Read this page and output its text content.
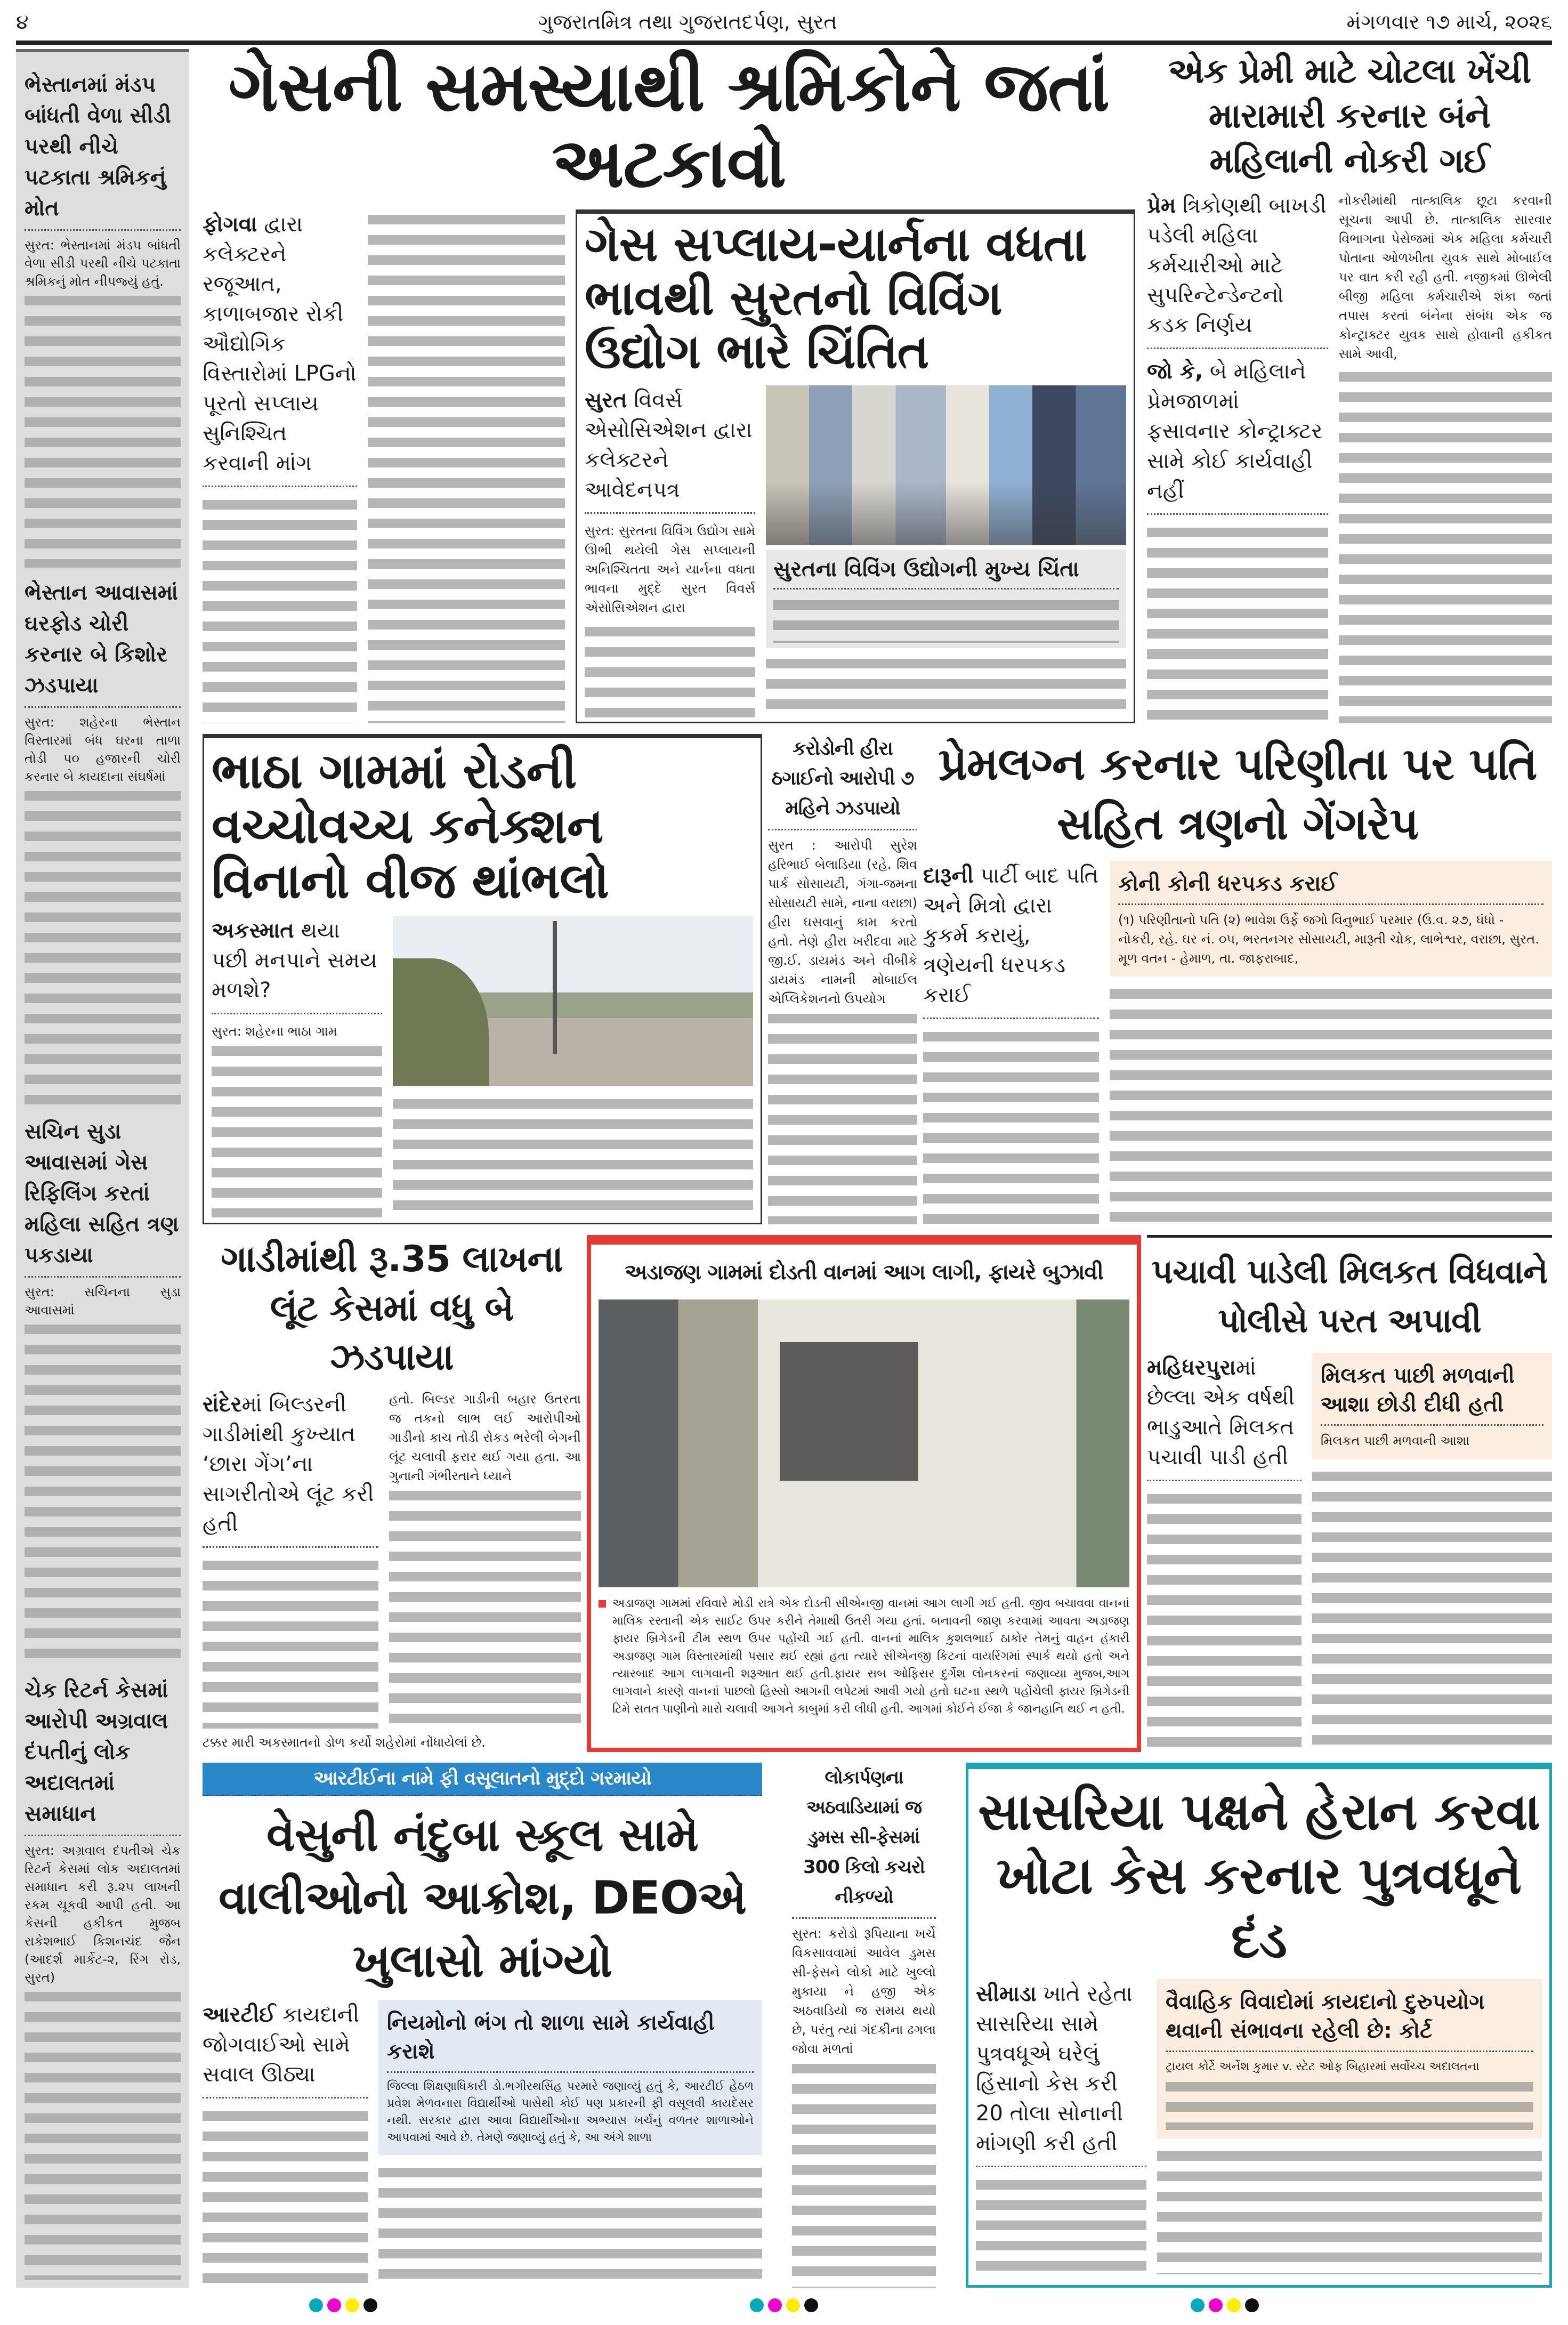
૪	ગુજરાતમિત્ર તથા ગુજરાતદર્પણ, સુરત	મંગળવાર ૧૭ માર્ચ, ૨૦૨૬
ભેસ્તાનમાં મંડપ બાંધતી વેળા સીડી પરથી નીચે પટકાતા શ્રમિકનું મોત
સુરત: ભેસ્તાનમાં મંડપ બાંધતી વેળા સીડી પરથી નીચે પટકાતા શ્રમિકનું મોત નીપજ્યું હતું.
ભેસ્તાન આવાસમાં ઘરફોડ ચોરી કરનાર બે કિશોર ઝડપાયા
સુરત: શહેરના ભેસ્તાન વિસ્તારમાં બંધ ઘરના તાળા તોડી ૫૦ હજારની ચોરી કરનાર બે કાયદાના સંઘર્ષમાં
સચિન સુડા આવાસમાં ગેસ રિફિલિંગ કરતાં મહિલા સહિત ત્રણ પકડાયા
સુરત: સચિનના સુડા આવાસમાં
ચેક રિટર્ન કેસમાં આરોપી અગ્રવાલ દંપતીનું લોક અદાલતમાં સમાધાન
સુરત: અગ્રવાલ દંપતીએ ચેક રિટર્ન કેસમાં લોક અદાલતમાં સમાધાન કરી રૂ.૨૫ લાખની રકમ ચૂકવી આપી હતી. આ કેસની હકીકત મુજબ રાકેશભાઈ કિશનચંદ જૈન (આદર્શ માર્કેટ-૨, રિંગ રોડ, સુરત)
ગેસની સમસ્યાથી શ્રમિકોને જતાં અટકાવો
ફોગવા દ્વારા કલેક્ટરને રજૂઆત, કાળાબજાર રોકી ઔદ્યોગિક વિસ્તારોમાં LPGનો પૂરતો સપ્લાય સુનિશ્ચિત કરવાની માંગ
ગેસ સપ્લાય-યાર્નના વધતા ભાવથી સુરતનો વિવિંગ ઉદ્યોગ ભારે ચિંતિત
સુરત વિવર્સ એસોસિએશન દ્વારા કલેક્ટરને આવેદનપત્ર
સુરત: સુરતના વિવિંગ ઉદ્યોગ સામે ઊભી થયેલી ગેસ સપ્લાયની અનિશ્ચિતતા અને યાર્નના વધતા ભાવના મુદ્દે સુરત વિવર્સ એસોસિએશન દ્વારા
સુરતના વિવિંગ ઉદ્યોગની મુખ્ય ચિંતા
એક પ્રેમી માટે ચોટલા ખેંચી મારામારી કરનાર બંને મહિલાની નોકરી ગઈ
પ્રેમ ત્રિકોણથી બાખડી પડેલી મહિલા કર્મચારીઓ માટે સુપરિન્ટેન્ડેન્ટનો કડક નિર્ણય
જો કે, બે મહિલાને પ્રેમજાળમાં ફસાવનાર કોન્ટ્રાક્ટર સામે કોઈ કાર્યવાહી નહીં
નોકરીમાંથી તાત્કાલિક છૂટા કરવાની સૂચના આપી છે. તાત્કાલિક સારવાર વિભાગના પેસેજમાં એક મહિલા કર્મચારી પોતાના ઓળખીતા યુવક સાથે મોબાઈલ પર વાત કરી રહી હતી. નજીકમાં ઊભેલી બીજી મહિલા કર્મચારીએ શંકા જતાં તપાસ કરતાં બંનેના સંબંધ એક જ કોન્ટ્રાક્ટર યુવક સાથે હોવાની હકીકત સામે આવી,
ભાઠા ગામમાં રોડની વચ્ચોવચ્ચ કનેક્શન વિનાનો વીજ થાંભલો
અકસ્માત થયા પછી મનપાને સમય મળશે?
સુરત: શહેરના ભાઠા ગામ
કરોડોની હીરા ઠગાઈનો આરોપી ૭ મહિને ઝડપાયો
સુરત : આરોપી સુરેશ હરિભાઈ બેલાડિયા (રહે. શિવ પાર્ક સોસાયટી, ગંગા-જમના સોસાયટી સામે, નાના વરાછા) હીરા ઘસવાનું કામ કરતો હતો. તેણે હીરા ખરીદવા માટે જી.ઈ. ડાયમંડ અને વીબીકે ડાયમંડ નામની મોબાઈલ એપ્લિકેશનનો ઉપયોગ
પ્રેમલગ્ન કરનાર પરિણીતા પર પતિ સહિત ત્રણનો ગેંગરેપ
દારૂની પાર્ટી બાદ પતિ અને મિત્રો દ્વારા કુકર્મ કરાયું, ત્રણેયની ધરપકડ કરાઈ
કોની કોની ધરપકડ કરાઈ
(૧) પરિણીતાનો પતિ (૨) ભાવેશ ઉર્ફે જગો વિનુભાઈ પરમાર (ઉ.વ. ૨૭, ધંધો - નોકરી, રહે. ઘર નં. ૦૫, ભરતનગર સોસાયટી, મારૂતી ચોક, લાભેશ્વર, વરાછા, સુરત. મૂળ વતન - હેમાળ, તા. જાફરાબાદ,
ગાડીમાંથી રૂ.35 લાખના લૂંટ કેસમાં વધુ બે ઝડપાયા
રાંદેરમાં બિલ્ડરની ગાડીમાંથી કુખ્યાત ‘છારા ગેંગ’ના સાગરીતોએ લૂંટ કરી હતી
હતો. બિલ્ડર ગાડીની બહાર ઉતરતા જ તકનો લાભ લઈ આરોપીઓ ગાડીનો કાચ તોડી રોકડ ભરેલી બેગની લૂંટ ચલાવી ફરાર થઈ ગયા હતા. આ ગુનાની ગંભીરતાને ધ્યાને
ટક્કર મારી અકસ્માતનો ડોળ કર્યો શહેરોમાં નોંધાયેલાં છે.
અડાજણ ગામમાં દોડતી વાનમાં આગ લાગી, ફાયરે બુઝાવી
અડાજણ ગામમાં રવિવારે મોડી રાત્રે એક દોડતી સીએનજી વાનમાં આગ લાગી ગઈ હતી. જીવ બચાવવા વાનનાં માલિક રસ્તાની એક સાઈટ ઉપર કરીને તેમાથી ઉતરી ગયા હતાં. બનાવની જાણ કરવામાં આવતા અડાજણ ફાયર બ્રિગેડની ટીમ સ્થળ ઉપર પહોંચી ગઈ હતી. વાનનાં માલિક કુશલભાઈ ઠાકોર તેમનું વાહન હંકારી અડાજણ ગામ વિસ્તારમાંથી પસાર થઈ રહ્યાં હતા ત્યારે સીએનજી કિટનાં વાયરિંગમાં સ્પાર્ક થયો હતો અને ત્યારબાદ આગ લાગવાની શરૂઆત થઈ હતી.ફાયર સબ ઓફિસર દુર્ગેશ લોનકરનાં જણાવ્યા મુજબ,આગ લાગવાને કારણે વાનનાં પાછલો હિસ્સો આગની લપેટમાં આવી ગયો હતો ઘટના સ્થળે પહોંચેલી ફાયર બ્રિગેડની ટિમે સતત પાણીનો મારો ચલાવી આગને કાબુમાં કરી લીધી હતી. આગમાં કોઈને ઈજા કે જાનહાનિ થઈ ન હતી.
પચાવી પાડેલી મિલકત વિધવાને પોલીસે પરત અપાવી
મહિધરપુરામાં છેલ્લા એક વર્ષથી ભાડુઆતે મિલકત પચાવી પાડી હતી
મિલકત પાછી મળવાની આશા છોડી દીધી હતી
મિલકત પાછી મળવાની આશા
આરટીઈના નામે ફી વસૂલાતનો મુદ્દો ગરમાયો
વેસુની નંદુબા સ્કૂલ સામે વાલીઓનો આક્રોશ, DEOએ ખુલાસો માંગ્યો
આરટીઈ કાયદાની જોગવાઈઓ સામે સવાલ ઊઠ્યા
નિયમોનો ભંગ તો શાળા સામે કાર્યવાહી કરાશે
જિલ્લા શિક્ષણાધિકારી ડો.ભગીરથસિંહ પરમારે જણાવ્યું હતું કે, આરટીઈ હેઠળ પ્રવેશ મેળવનારા વિદ્યાર્થીઓ પાસેથી કોઈ પણ પ્રકારની ફી વસૂલવી કાયદેસર નથી. સરકાર દ્વારા આવા વિદ્યાર્થીઓના અભ્યાસ ખર્ચનું વળતર શાળાઓને આપવામાં આવે છે. તેમણે જણાવ્યું હતું કે, આ અંગે શાળા
લોકાર્પણના અઠવાડિયામાં જ ડુમસ સી-ફેસમાં 300 કિલો કચરો નીકળ્યો
સુરત: કરોડો રૂપિયાના ખર્ચે વિકસાવવામાં આવેલ ડુમસ સી-ફેસને લોકો માટે ખુલ્લો મુકાયા ને હજી એક અઠવાડિયો જ સમય થયો છે, પરંતુ ત્યાં ગંદકીના ઢગલા જોવા મળતાં
સાસરિયા પક્ષને હેરાન કરવા ખોટા કેસ કરનાર પુત્રવધૂને દંડ
સીમાડા ખાતે રહેતા સાસરિયા સામે પુત્રવધૂએ ઘરેલું હિંસાનો કેસ કરી 20 તોલા સોનાની માંગણી કરી હતી
વૈવાહિક વિવાદોમાં કાયદાનો દુરુપયોગ થવાની સંભાવના રહેલી છે: કોર્ટ
ટ્રાયલ કોર્ટે અર્નેશ કુમાર v. સ્ટેટ ઓફ બિહારમાં સર્વોચ્ચ અદાલતના
